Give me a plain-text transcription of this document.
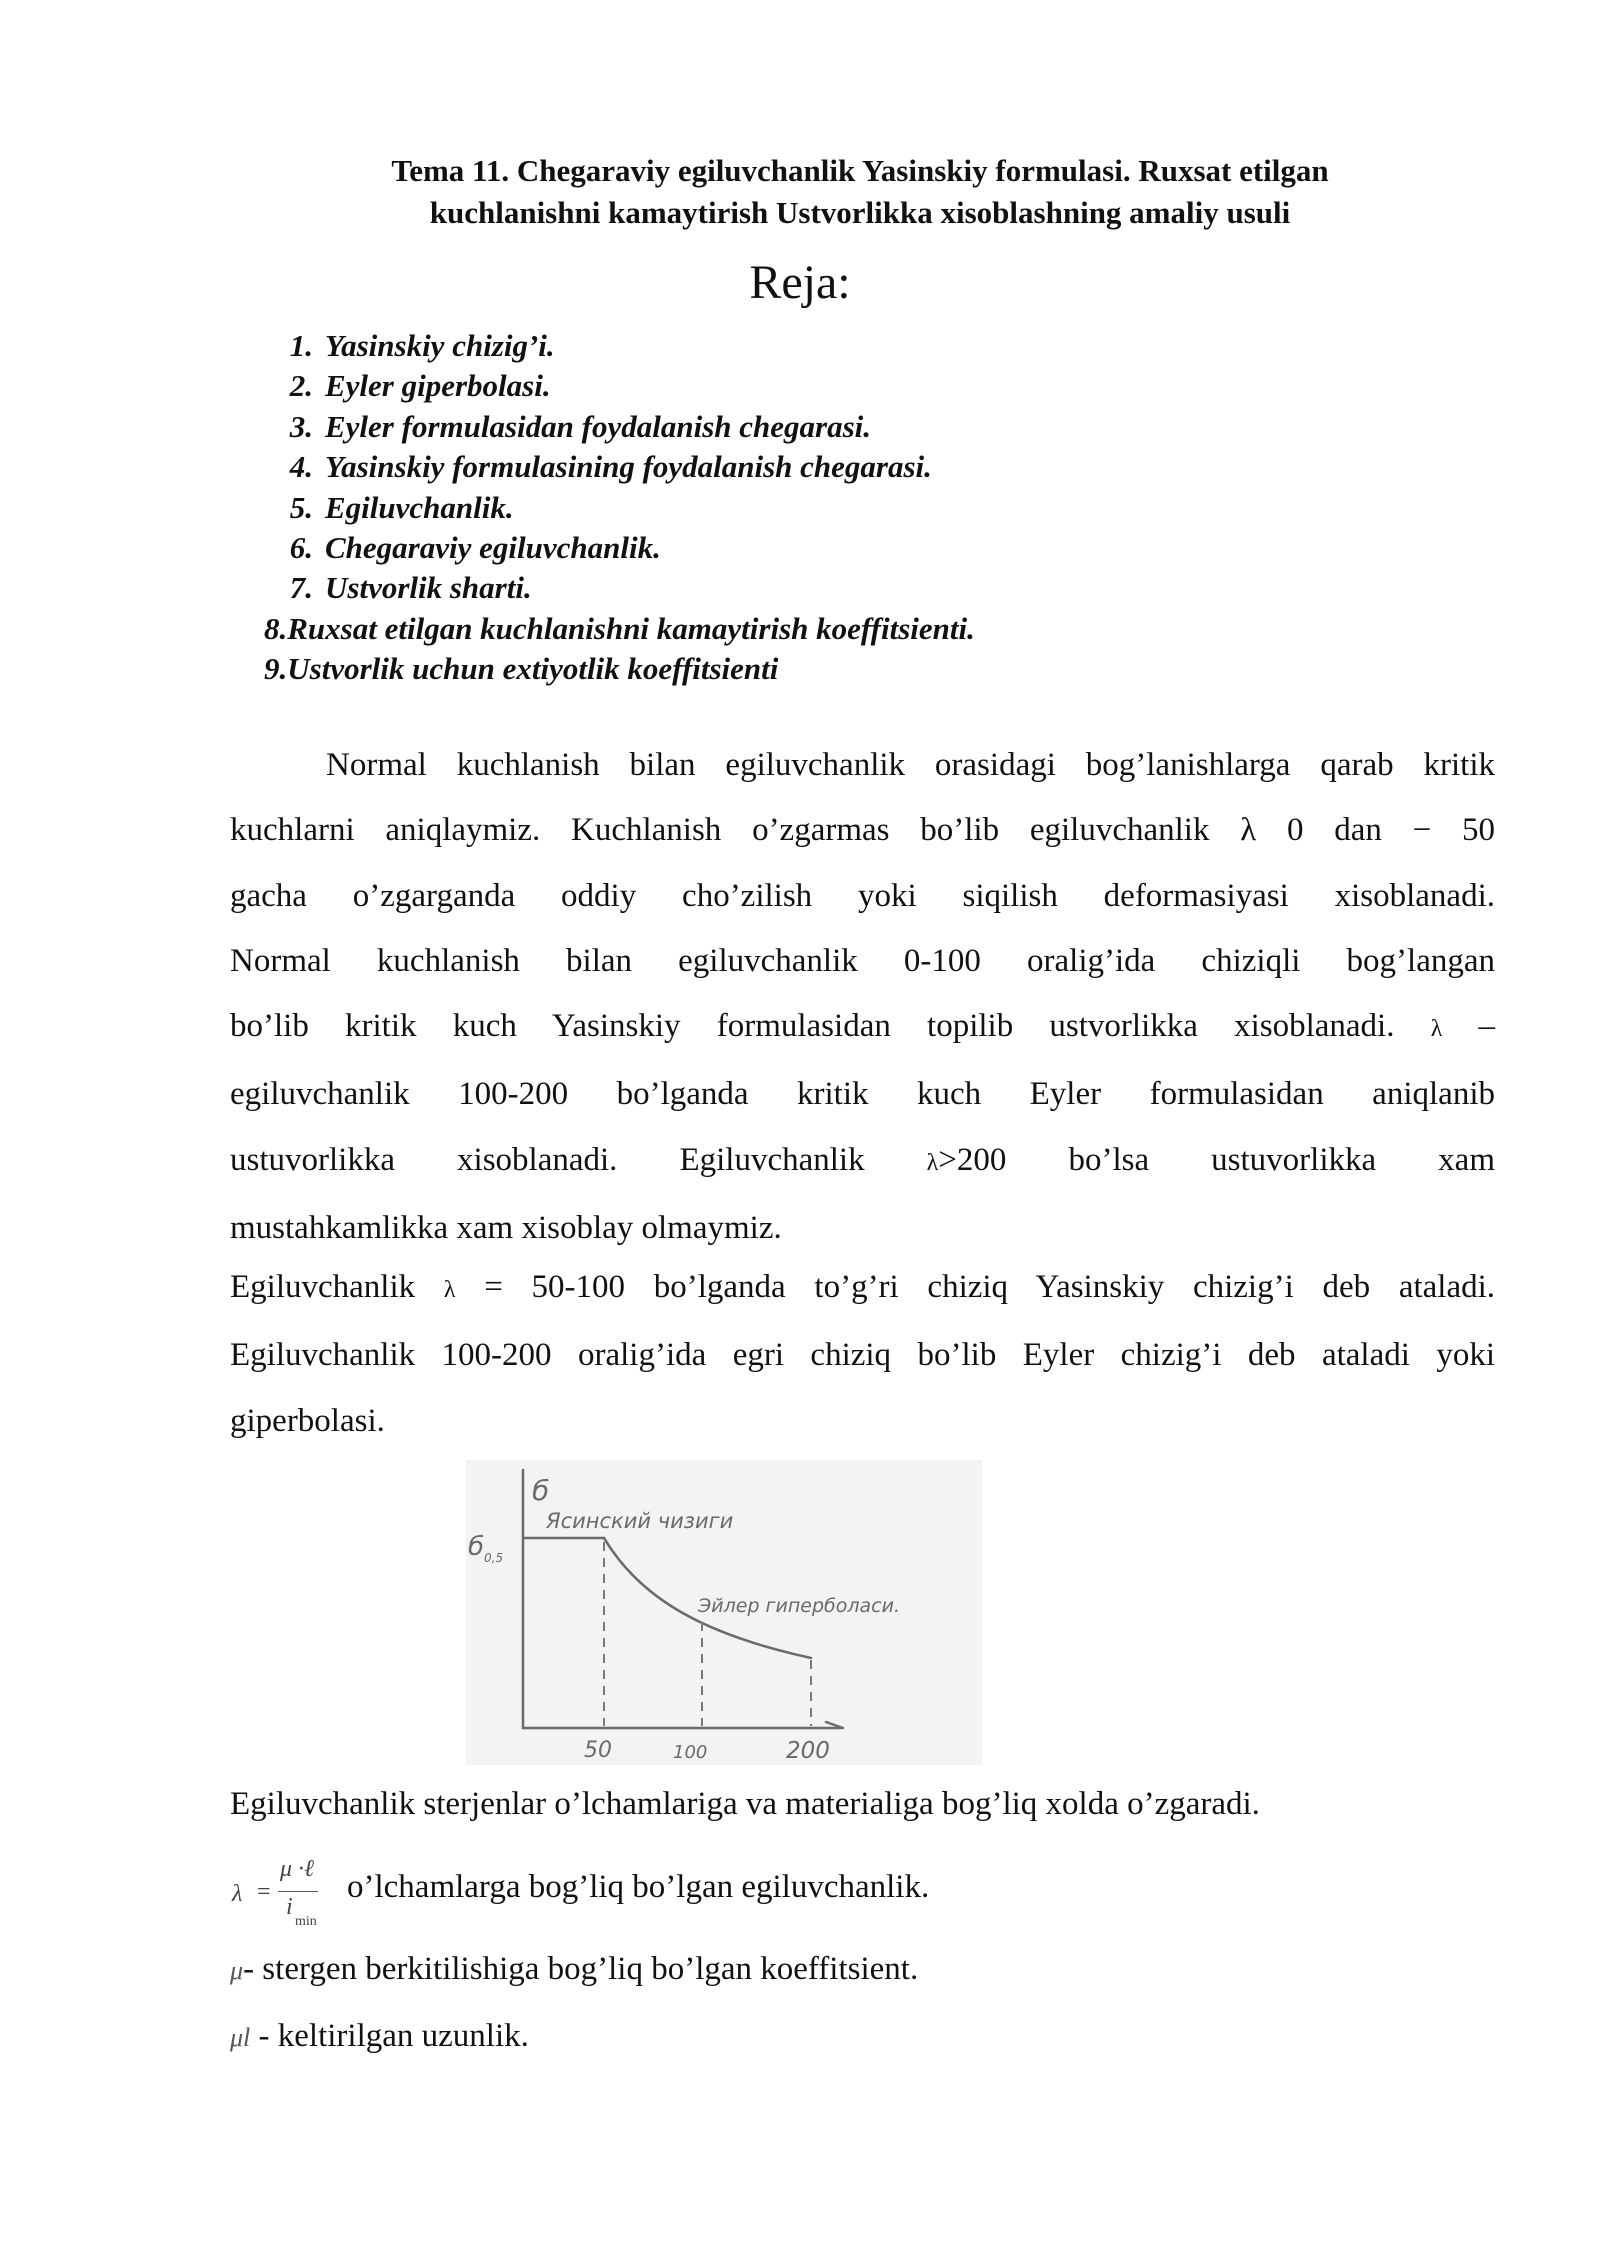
Tema 11. Chegaraviy egiluvchanlik Yasinskiy formulasi. Ruxsat etilgan
kuchlanishni kamaytirish Ustvorlikka xisoblashning amaliy usuli
Reja:
1. Yasinskiy chizig’i.
2. Eyler giperbolasi.
3. Eyler formulasidan foydalanish chegarasi.
4. Yasinskiy formulasining foydalanish chegarasi.
5. Egiluvchanlik.
6. Chegaraviy egiluvchanlik.
7. Ustvorlik sharti.
8.Ruxsat etilgan kuchlanishni kamaytirish koeffitsienti.
9.Ustvorlik uchun extiyotlik koeffitsienti
Normal kuchlanish bilan egiluvchanlik orasidagi bog’lanishlarga qarab kritik
kuchlarni aniqlaymiz. Kuchlanish o’zgarmas bo’lib egiluvchanlik λ 0 dan − 50
gacha o’zgarganda oddiy cho’zilish yoki siqilish deformasiyasi xisoblanadi.
Normal kuchlanish bilan egiluvchanlik 0-100 oralig’ida chiziqli bog’langan
bo’lib kritik kuch Yasinskiy formulasidan topilib ustvorlikka xisoblanadi. λ –
egiluvchanlik 100-200 bo’lganda kritik kuch Eyler formulasidan aniqlanib
ustuvorlikka xisoblanadi. Egiluvchanlik	λ>200 bo’lsa ustuvorlikka xam
mustahkamlikka xam xisoblay olmaymiz.
Egiluvchanlik λ = 50-100 bo’lganda to’g’ri chiziq Yasinskiy chizig’i deb ataladi.
Egiluvchanlik 100-200 oralig’ida egri chiziq bo’lib Eyler chizig’i deb ataladi yoki
giperbolasi.
б
б 0,5
Ясинский чизиги
Эйлер гиперболаси.
50	100	200
Egiluvchanlik sterjenlar o’lchamlariga va materialiga bog’liq xolda o’zgaradi.
λ =
μ ·ℓ
i
min
o’lchamlarga bog’liq bo’lgan egiluvchanlik.
μ- stergen berkitilishiga bog’liq bo’lgan koeffitsient.
μl - keltirilgan uzunlik.
